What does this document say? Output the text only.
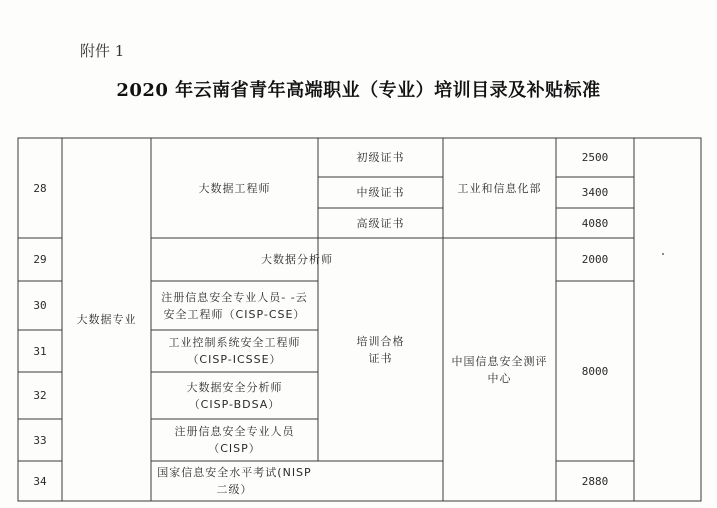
附件 1
2020 年云南省青年高端职业（专业）培训目录及补贴标准
28
29
30
31
32
33
34
大数据专业
大数据工程师
大数据分析师
注册信息安全专业人员- -云
安全工程师（CISP-CSE）
工业控制系统安全工程师
（CISP-ICSSE）
大数据安全分析师
（CISP-BDSA）
注册信息安全专业人员
（CISP）
国家信息安全水平考试(NISP
二级）
初级证书
中级证书
高级证书
培训合格
证书
工业和信息化部
中国信息安全测评
中心
2500
3400
4080
2000
8000
2880
